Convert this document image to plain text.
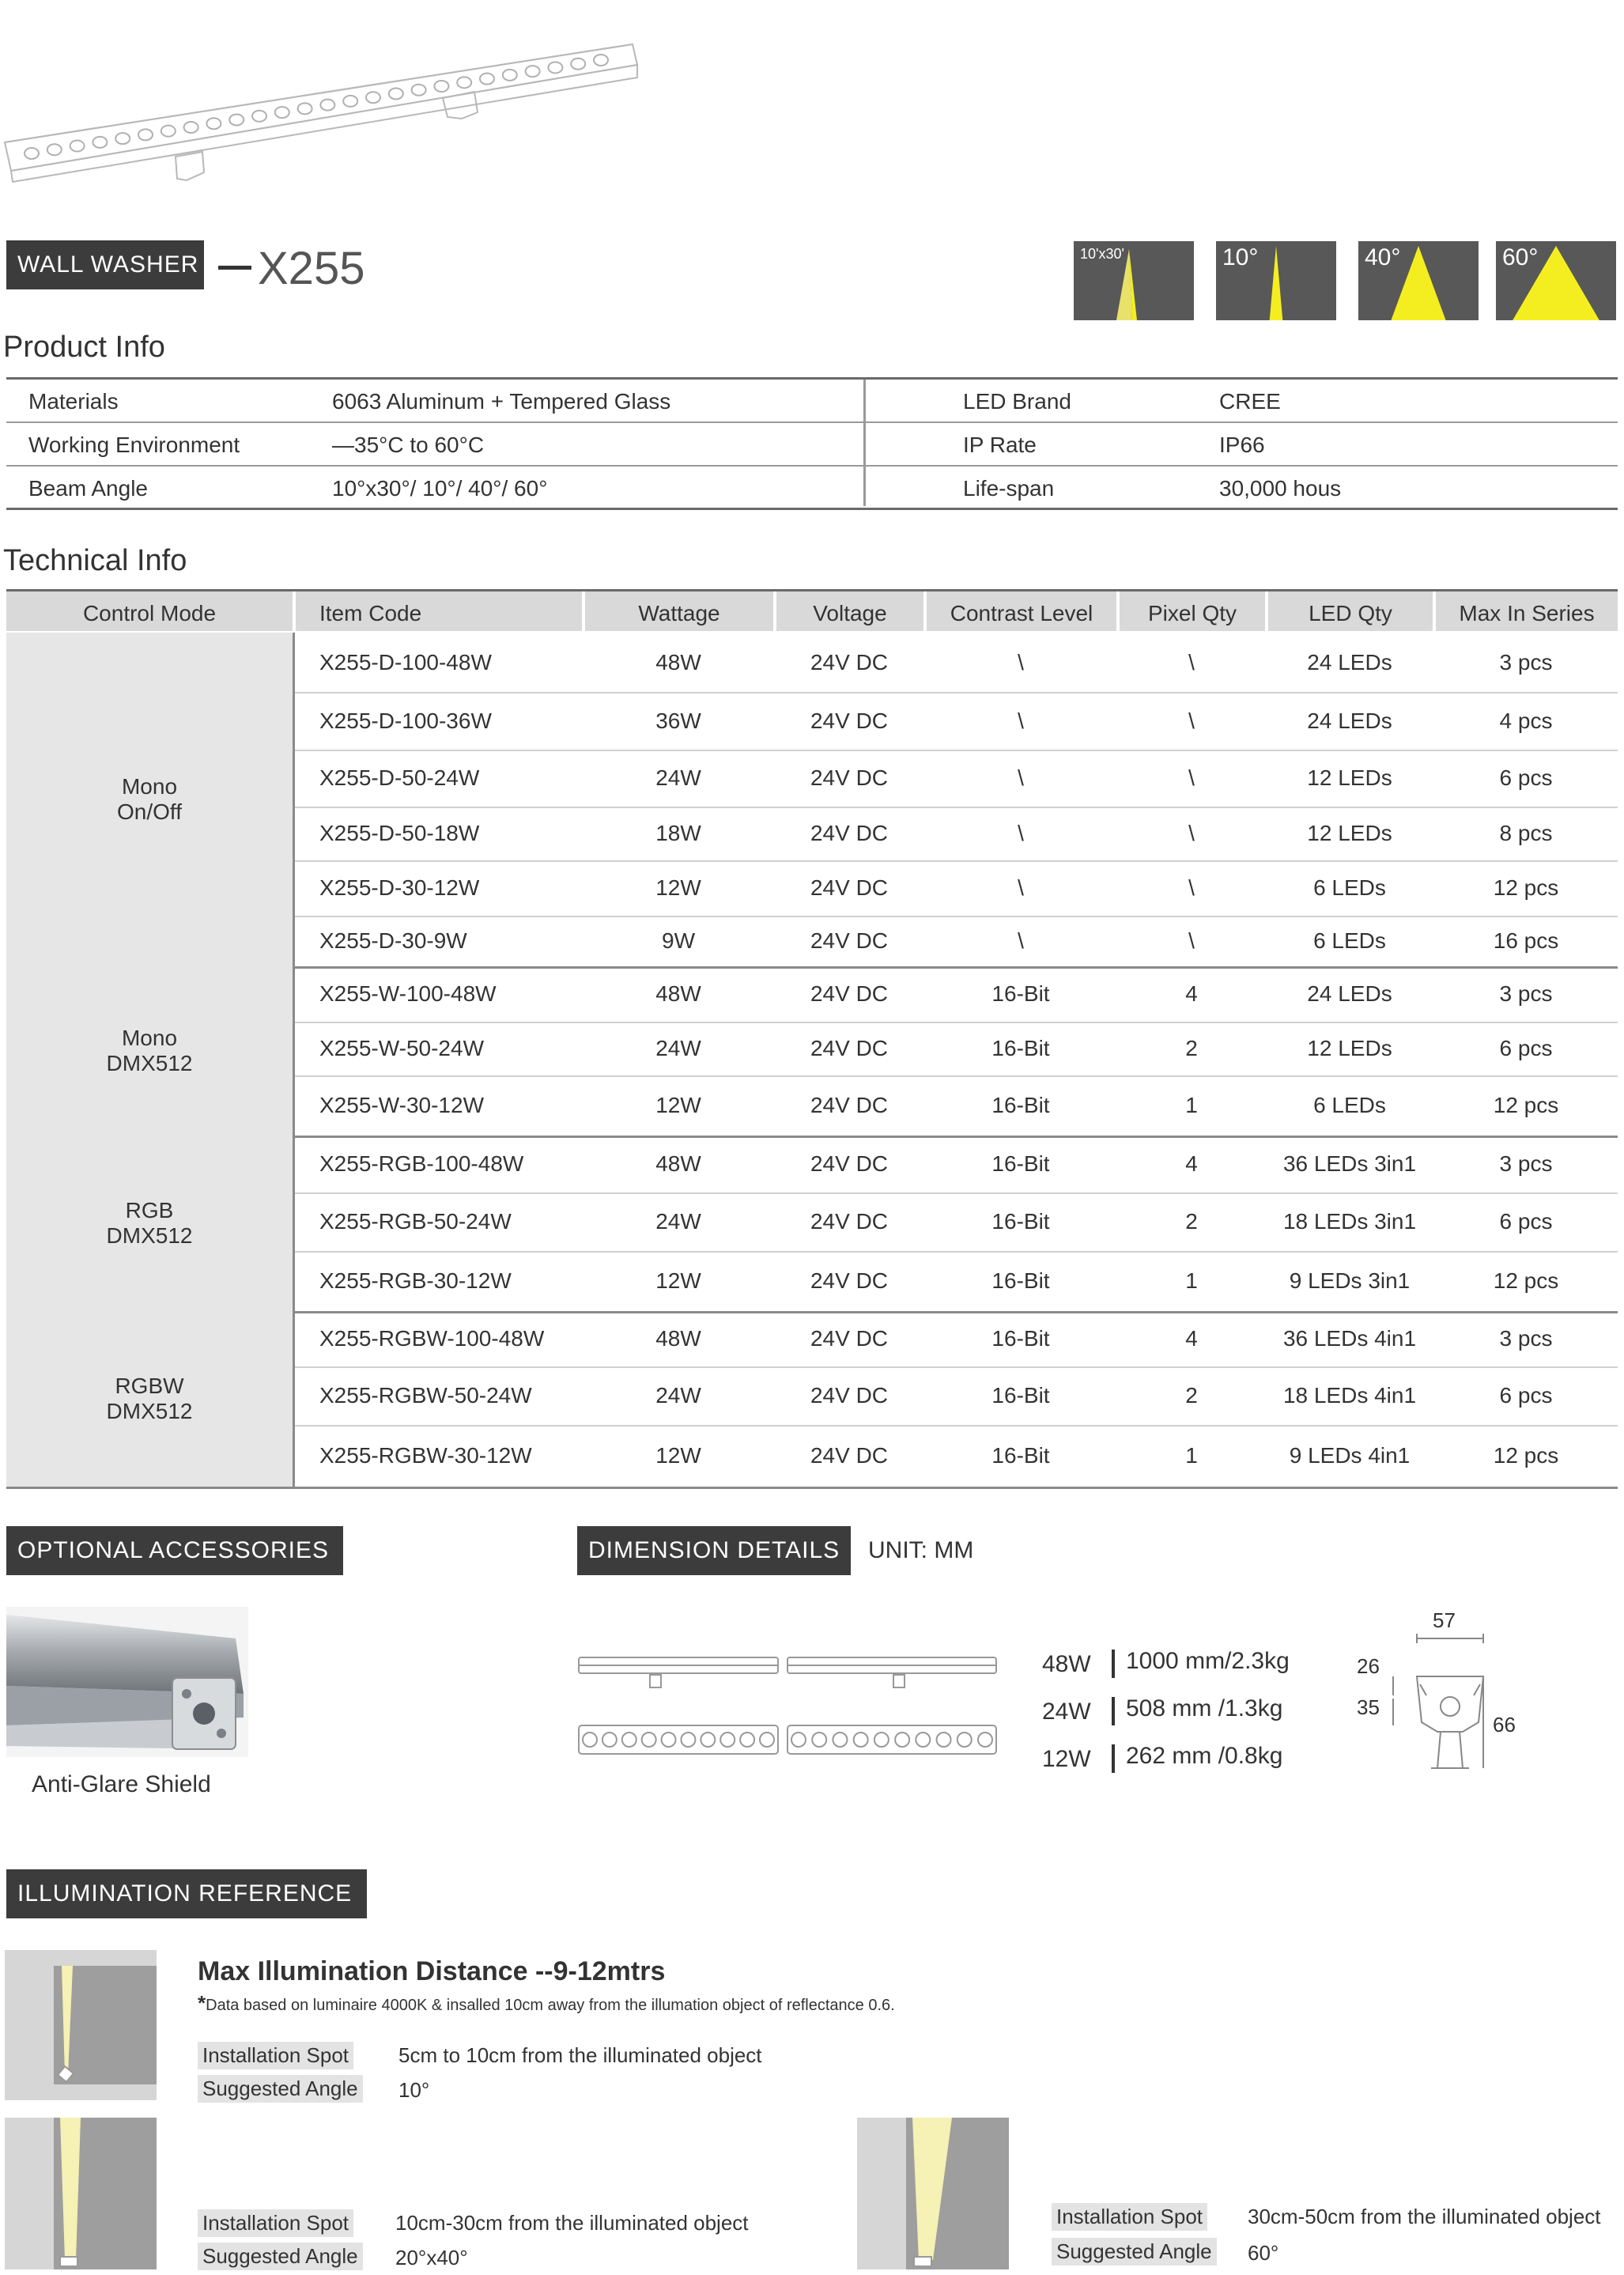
WALL WASHER X255	10'x30'	10°	40°	60°
Product Info
Technical Info
Control Mode	Item Code	Wattage	Voltage	Contrast Level	Pixel Qty	LED Qty	Max In Series
Mono
On/Off
X255-D-100-48W	48W	24V DC	\	\	24 LEDs	3 pcs
X255-D-100-36W	36W	24V DC	\	\	24 LEDs	4 pcs
X255-D-50-24W	24W	24V DC	\	\	12 LEDs	6 pcs
X255-D-50-18W	18W	24V DC	\	\	12 LEDs	8 pcs
X255-D-30-12W	12W	24V DC	\	\	6 LEDs	12 pcs
X255-D-30-9W	9W	24V DC	\	\	6 LEDs	16 pcs
Mono
DMX512
X255-W-100-48W	48W	24V DC	16-Bit	4	24 LEDs	3 pcs
X255-W-50-24W	24W	24V DC	16-Bit	2	12 LEDs	6 pcs
X255-W-30-12W	12W	24V DC	16-Bit	1	6 LEDs	12 pcs
RGB
DMX512
X255-RGB-100-48W	48W	24V DC	16-Bit	4	36 LEDs 3in1	3 pcs
X255-RGB-50-24W	24W	24V DC	16-Bit	2	18 LEDs 3in1	6 pcs
X255-RGB-30-12W	12W	24V DC	16-Bit	1	9 LEDs 3in1	12 pcs
RGBW
DMX512
X255-RGBW-100-48W	48W	24V DC	16-Bit	4	36 LEDs 4in1	3 pcs
X255-RGBW-50-24W	24W	24V DC	16-Bit	2	18 LEDs 4in1	6 pcs
X255-RGBW-30-12W	12W	24V DC	16-Bit	1	9 LEDs 4in1	12 pcs
OPTIONAL ACCESSORIES
Anti-Glare Shield
DIMENSION DETAILS	UNIT: MM
48W 1000 mm/2.3kg
24W 508 mm /1.3kg
12W 262 mm /0.8kg
57
26
35
66
ILLUMINATION REFERENCE
Max Illumination Distance --9-12mtrs
*Data based on luminaire 4000K & insalled 10cm away from the illumation object of reflectance 0.6.
Installation Spot 5cm to 10cm from the illuminated object
Suggested Angle 10°
Installation Spot 10cm-30cm from the illuminated object
Suggested Angle 20°x40°
Installation Spot 30cm-50cm from the illuminated object
Suggested Angle 60°
Materials	6063 Aluminum + Tempered Glass	LED Brand	CREE
Working Environment	—35°C to 60°C	IP Rate	IP66
Beam Angle	10°x30°/ 10°/ 40°/ 60°	Life-span	30,000 hous
